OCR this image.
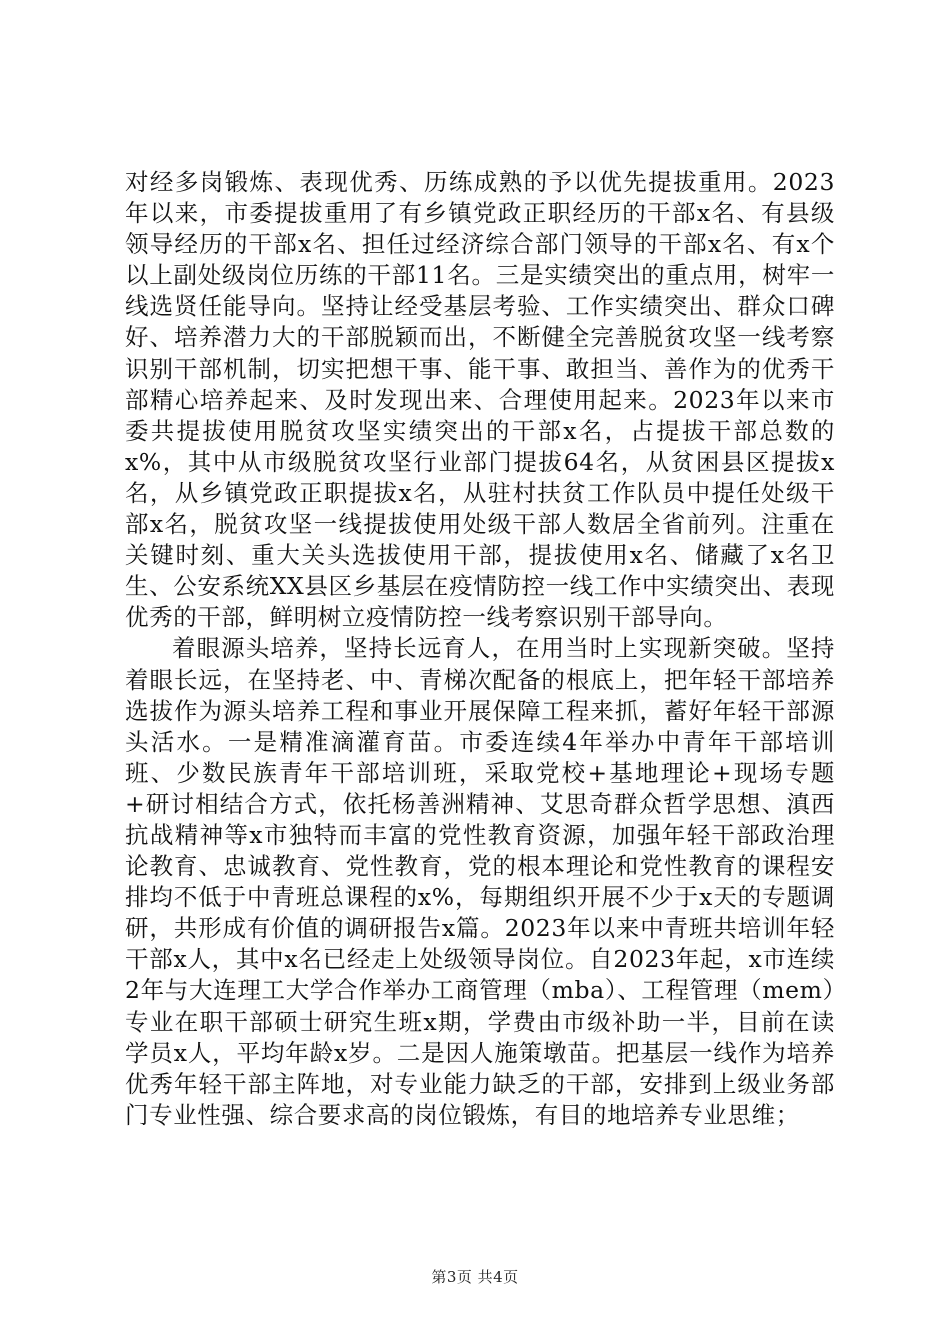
对经多岗锻炼、表现优秀、历练成熟的予以优先提拔重用。2023年以来，市委提拔重用了有乡镇党政正职经历的干部x名、有县级领导经历的干部x名、担任过经济综合部门领导的干部x名、有x个以上副处级岗位历练的干部11名。三是实绩突出的重点用，树牢一线选贤任能导向。坚持让经受基层考验、工作实绩突出、群众口碑好、培养潜力大的干部脱颖而出，不断健全完善脱贫攻坚一线考察识别干部机制，切实把想干事、能干事、敢担当、善作为的优秀干部精心培养起来、及时发现出来、合理使用起来。2023年以来市委共提拔使用脱贫攻坚实绩突出的干部x名，占提拔干部总数的x%，其中从市级脱贫攻坚行业部门提拔64名，从贫困县区提拔x名，从乡镇党政正职提拔x名，从驻村扶贫工作队员中提任处级干部x名，脱贫攻坚一线提拔使用处级干部人数居全省前列。注重在关键时刻、重大关头选拔使用干部，提拔使用x名、储藏了x名卫生、公安系统XX县区乡基层在疫情防控一线工作中实绩突出、表现优秀的干部，鲜明树立疫情防控一线考察识别干部导向。

着眼源头培养，坚持长远育人，在用当时上实现新突破。坚持着眼长远，在坚持老、中、青梯次配备的根底上，把年轻干部培养选拔作为源头培养工程和事业开展保障工程来抓，蓄好年轻干部源头活水。一是精准滴灌育苗。市委连续4年举办中青年干部培训班、少数民族青年干部培训班，采取党校+基地理论+现场专题+研讨相结合方式，依托杨善洲精神、艾思奇群众哲学思想、滇西抗战精神等x市独特而丰富的党性教育资源，加强年轻干部政治理论教育、忠诚教育、党性教育，党的根本理论和党性教育的课程安排均不低于中青班总课程的x%，每期组织开展不少于x天的专题调研，共形成有价值的调研报告x篇。2023年以来中青班共培训年轻干部x人，其中x名已经走上处级领导岗位。自2023年起，x市连续2年与大连理工大学合作举办工商管理（mba）、工程管理（mem）专业在职干部硕士研究生班x期，学费由市级补助一半，目前在读学员x人，平均年龄x岁。二是因人施策墩苗。把基层一线作为培养优秀年轻干部主阵地，对专业能力缺乏的干部，安排到上级业务部门专业性强、综合要求高的岗位锻炼，有目的地培养专业思维；

第3页 共4页
